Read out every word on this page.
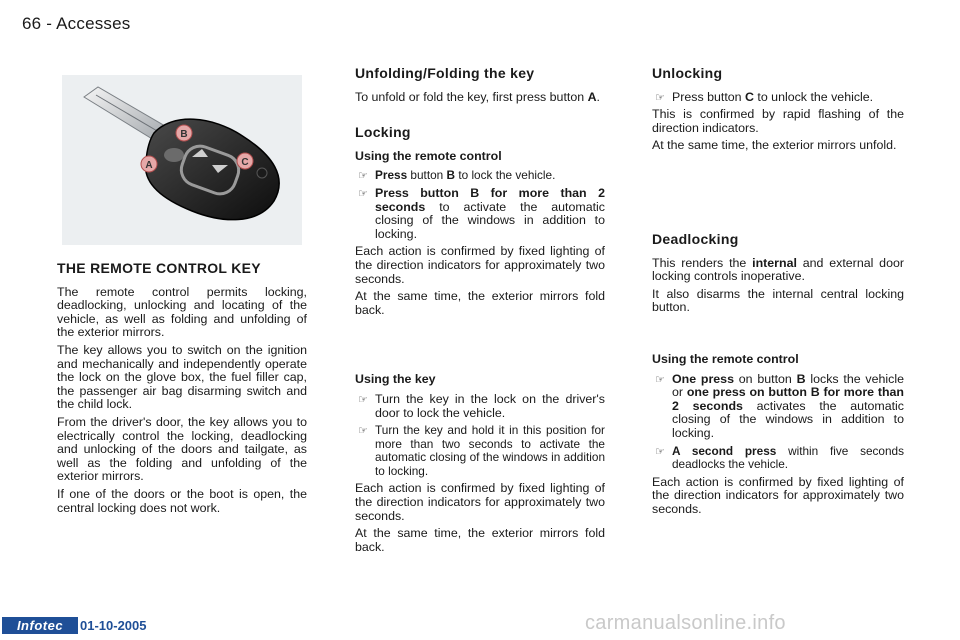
66 - Accesses
B
C
A
THE REMOTE CONTROL KEY

The remote control permits locking, deadlocking, unlocking and locating of the vehicle, as well as folding and unfolding of the exterior mirrors.

The key allows you to switch on the ignition and mechanically and independently operate the lock on the glove box, the fuel filler cap, the passenger air bag disarming switch and the child lock.

From the driver's door, the key allows you to electrically control the locking, deadlocking and unlocking of the doors and tailgate, as well as the folding and unfolding of the exterior mirrors.

If one of the doors or the boot is open, the central locking does not work.

Unfolding/Folding the key

To unfold or fold the key, first press button A.

Locking
Using the remote control
☞ Press button B to lock the vehicle.
☞ Press button B for more than 2 seconds to activate the automatic closing of the windows in addition to locking.

Each action is confirmed by fixed lighting of the direction indicators for approximately two seconds.

At the same time, the exterior mirrors fold back.

Using the key
☞ Turn the key in the lock on the driver's door to lock the vehicle.
☞ Turn the key and hold it in this position for more than two seconds to activate the automatic closing of the windows in addition to locking.

Each action is confirmed by fixed lighting of the direction indicators for approximately two seconds.

At the same time, the exterior mirrors fold back.

Unlocking
☞ Press button C to unlock the vehicle.

This is confirmed by rapid flashing of the direction indicators.

At the same time, the exterior mirrors unfold.

Deadlocking

This renders the internal and external door locking controls inoperative.

It also disarms the internal central locking button.

Using the remote control
☞ One press on button B locks the vehicle or one press on button B for more than 2 seconds activates the automatic closing of the windows in addition to locking.
☞ A second press within five seconds deadlocks the vehicle.

Each action is confirmed by fixed lighting of the direction indicators for approximately two seconds.

Infotec	01-10-2005	carmanualsonline.info
